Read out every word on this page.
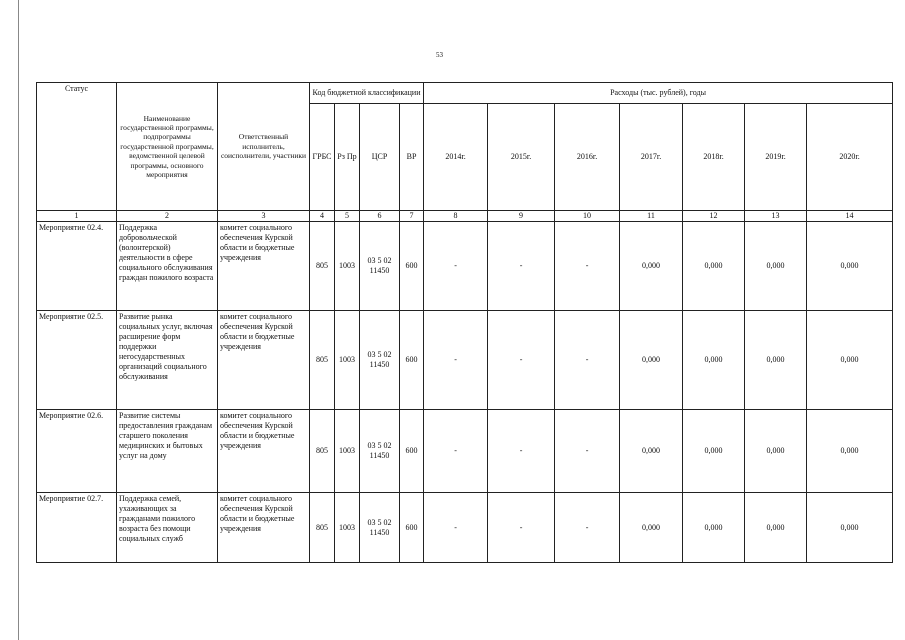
53
Статус	Наименование государственной программы, подпрограммы государственной программы, ведомственной целевой программы, основного мероприятия	Ответственный исполнитель, соисполнители, участники	Код бюджетной классификации				Расходы (тыс. рублей), годы						
			ГРБС	Рз Пр	ЦСР	ВР	2014г.	2015г.	2016г.	2017г.	2018г.	2019г.	2020г.
1	2	3	4	5	6	7	8	9	10	11	12	13	14
Мероприятие 02.4.	Поддержка добровольческой (волонтерской) деятельности в сфере социального обслуживания граждан пожилого возраста	комитет социального обеспечения Курской области и бюджетные учреждения	805	1003	03 5 02 11450	600	-	-	-	0,000	0,000	0,000	0,000
Мероприятие 02.5.	Развитие рынка социальных услуг, включая расширение форм поддержки негосударственных организаций социального обслуживания	комитет социального обеспечения Курской области и бюджетные учреждения	805	1003	03 5 02 11450	600	-	-	-	0,000	0,000	0,000	0,000
Мероприятие 02.6.	Развитие системы предоставления гражданам старшего поколения медицинских и бытовых услуг на дому	комитет социального обеспечения Курской области и бюджетные учреждения	805	1003	03 5 02 11450	600	-	-	-	0,000	0,000	0,000	0,000
Мероприятие 02.7.	Поддержка семей, ухаживающих за гражданами пожилого возраста без помощи социальных служб	комитет социального обеспечения Курской области и бюджетные учреждения	805	1003	03 5 02 11450	600	-	-	-	0,000	0,000	0,000	0,000
